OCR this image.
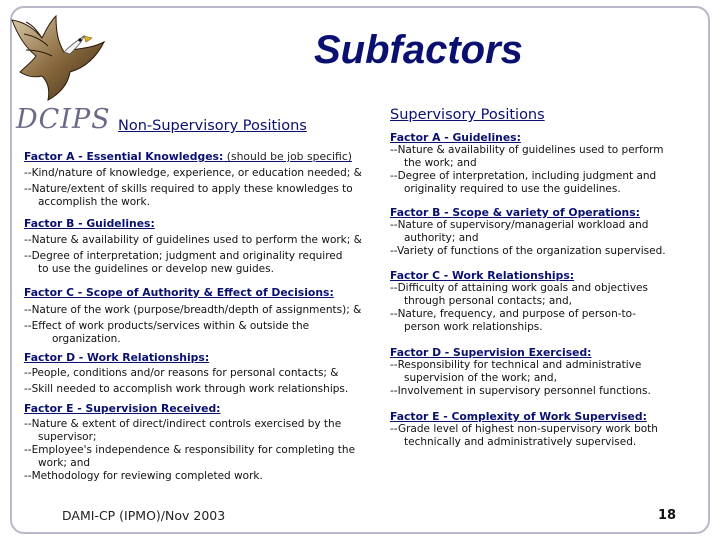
DCIPS
Subfactors
Non-Supervisory Positions
Supervisory Positions
Factor A - Essential Knowledges: (should be job specific)
--Kind/nature of knowledge, experience, or education needed; &
--Nature/extent of skills required to apply these knowledges to
accomplish the work.
Factor B - Guidelines:
--Nature & availability of guidelines used to perform the work; &
--Degree of interpretation; judgment and originality required
to use the guidelines or develop new guides.
Factor C - Scope of Authority & Effect of Decisions:
--Nature of the work (purpose/breadth/depth of assignments); &
--Effect of work products/services within & outside the
organization.
Factor D - Work Relationships:
--People, conditions and/or reasons for personal contacts; &
--Skill needed to accomplish work through work relationships.
Factor E - Supervision Received:
--Nature & extent of direct/indirect controls exercised by the
supervisor;
--Employee's independence & responsibility for completing the
work; and
--Methodology for reviewing completed work.
Factor A - Guidelines:
--Nature & availability of guidelines used to perform
the work; and
--Degree of interpretation, including judgment and
originality required to use the guidelines.
Factor B - Scope & variety of Operations:
--Nature of supervisory/managerial workload and
authority; and
--Variety of functions of the organization supervised.
Factor C - Work Relationships:
--Difficulty of attaining work goals and objectives
through personal contacts; and,
--Nature, frequency, and purpose of person-to-
person work relationships.
Factor D - Supervision Exercised:
--Responsibility for technical and administrative
supervision of the work; and,
--Involvement in supervisory personnel functions.
Factor E - Complexity of Work Supervised:
--Grade level of highest non-supervisory work both
technically and administratively supervised.
DAMI-CP (IPMO)/Nov 2003	18
